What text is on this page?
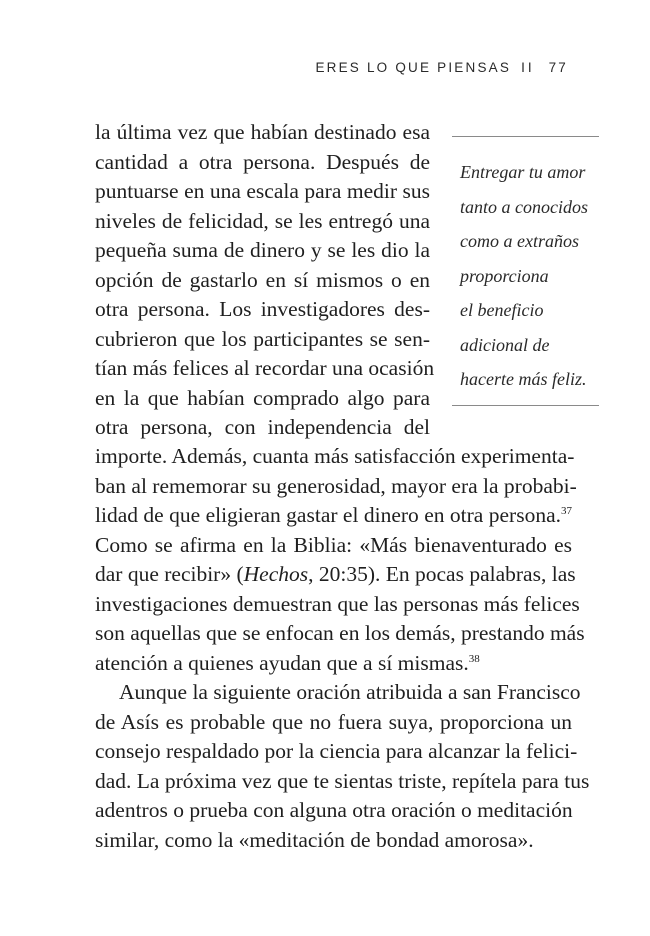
ERES LO QUE PIENSAS II 77
la última vez que habían destinado esa
cantidad a otra persona. Después de
puntuarse en una escala para medir sus
niveles de felicidad, se les entregó una
pequeña suma de dinero y se les dio la
opción de gastarlo en sí mismos o en
otra persona. Los investigadores des-
cubrieron que los participantes se sen-
tían más felices al recordar una ocasión
en la que habían comprado algo para
otra persona, con independencia del
Entregar tu amor
tanto a conocidos
como a extraños
proporciona
el beneficio
adicional de
hacerte más feliz.
importe. Además, cuanta más satisfacción experimenta-
ban al rememorar su generosidad, mayor era la probabi-
lidad de que eligieran gastar el dinero en otra persona.$^{37}$
Como se afirma en la Biblia: «Más bienaventurado es
dar que recibir» (Hechos, 20:35). En pocas palabras, las
investigaciones demuestran que las personas más felices
son aquellas que se enfocan en los demás, prestando más
atención a quienes ayudan que a sí mismas.$^{38}$
Aunque la siguiente oración atribuida a san Francisco
de Asís es probable que no fuera suya, proporciona un
consejo respaldado por la ciencia para alcanzar la felici-
dad. La próxima vez que te sientas triste, repítela para tus
adentros o prueba con alguna otra oración o meditación
similar, como la «meditación de bondad amorosa».
